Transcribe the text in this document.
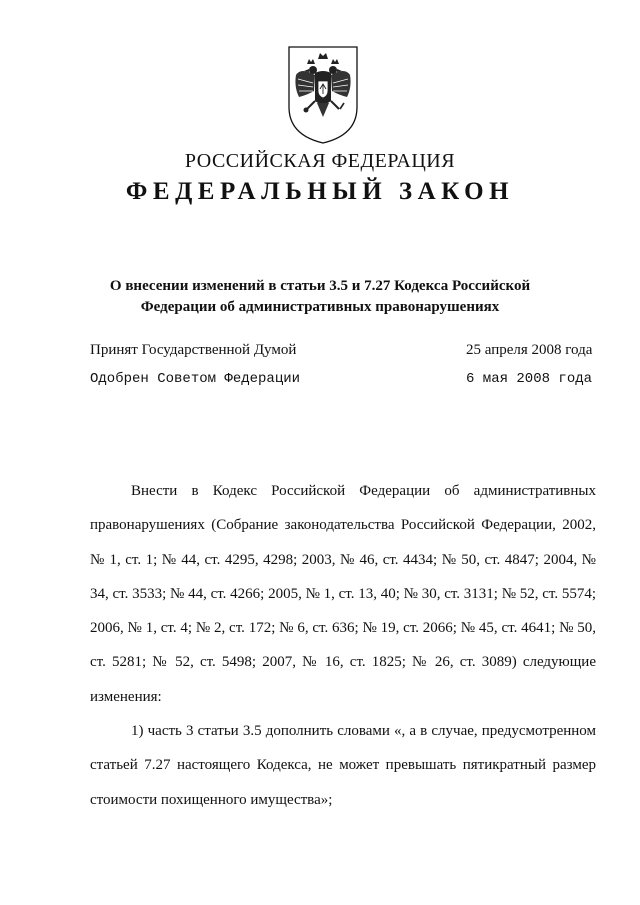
РОССИЙСКАЯ ФЕДЕРАЦИЯ
ФЕДЕРАЛЬНЫЙ ЗАКОН
О внесении изменений в статьи 3.5 и 7.27 Кодекса Российской
Федерации об административных правонарушениях
Принят Государственной Думой	25 апреля 2008 года
Одобрен Советом Федерации	6 мая 2008 года

Внести в Кодекс Российской Федерации об административных правонарушениях (Собрание законодательства Российской Федерации, 2002, № 1, ст. 1; № 44, ст. 4295, 4298; 2003, № 46, ст. 4434; № 50, ст. 4847; 2004, № 34, ст. 3533; № 44, ст. 4266; 2005, № 1, ст. 13, 40; № 30, ст. 3131; № 52, ст. 5574; 2006, № 1, ст. 4; № 2, ст. 172; № 6, ст. 636; № 19, ст. 2066; № 45, ст. 4641; № 50, ст. 5281; № 52, ст. 5498; 2007, № 16, ст. 1825; № 26, ст. 3089) следующие изменения:

1) часть 3 статьи 3.5 дополнить словами «, а в случае, предусмотренном статьей 7.27 настоящего Кодекса, не может превышать пятикратный размер стоимости похищенного имущества»;
